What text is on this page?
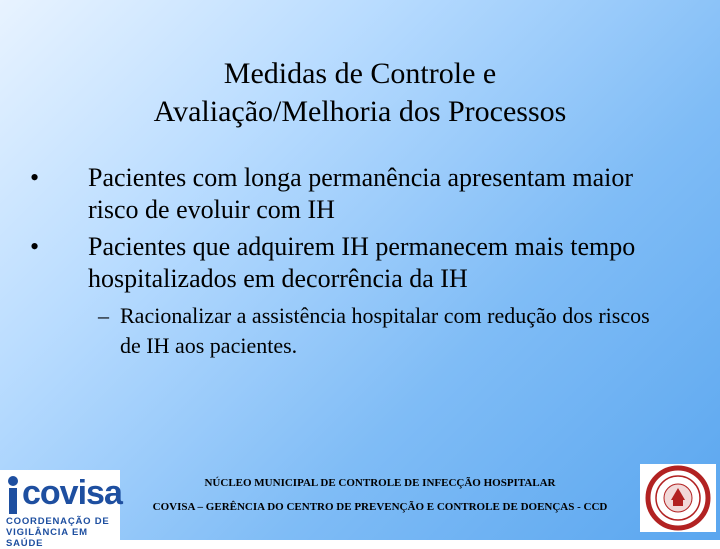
Medidas de Controle e
Avaliação/Melhoria dos Processos
•	Pacientes com longa permanência apresentam maior risco de evoluir com IH
•	Pacientes que adquirem IH permanecem mais tempo hospitalizados em decorrência da IH
– Racionalizar a assistência hospitalar com redução dos riscos de IH aos pacientes.
covisa
COORDENAÇÃO DE
VIGILÂNCIA EM SAÚDE
NÚCLEO MUNICIPAL DE CONTROLE DE INFECÇÃO HOSPITALAR
COVISA – GERÊNCIA DO CENTRO DE PREVENÇÃO E CONTROLE DE DOENÇAS - CCD
